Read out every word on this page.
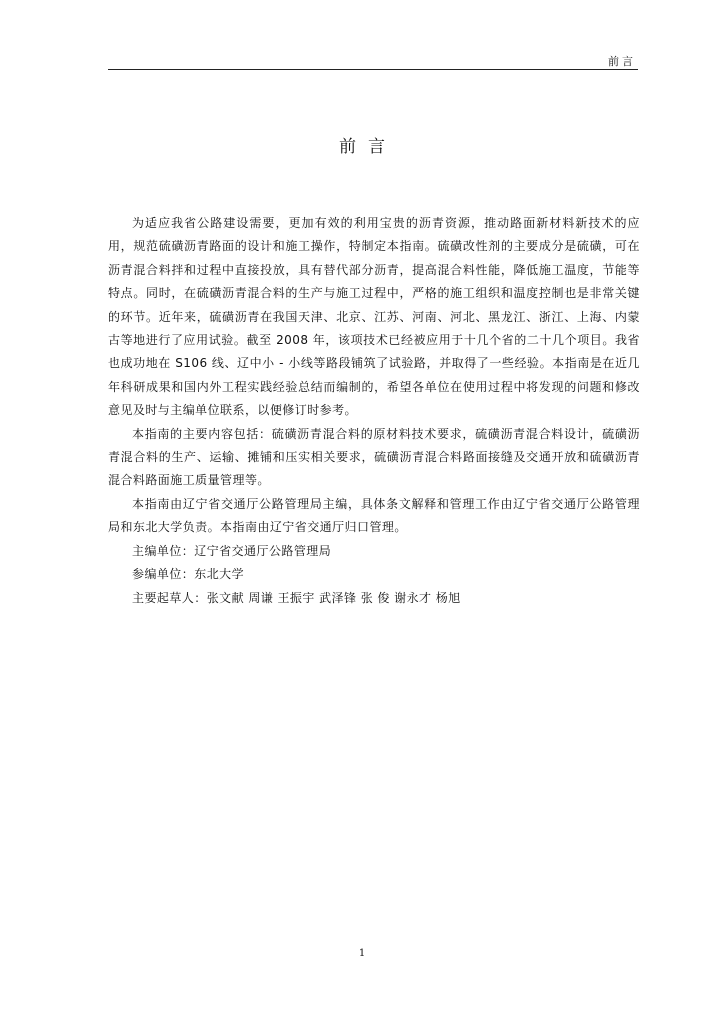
前言
前言

为适应我省公路建设需要，更加有效的利用宝贵的沥青资源，推动路面新材料新技术的应用，规范硫磺沥青路面的设计和施工操作，特制定本指南。硫磺改性剂的主要成分是硫磺，可在沥青混合料拌和过程中直接投放，具有替代部分沥青，提高混合料性能，降低施工温度，节能等特点。同时，在硫磺沥青混合料的生产与施工过程中，严格的施工组织和温度控制也是非常关键的环节。近年来，硫磺沥青在我国天津、北京、江苏、河南、河北、黑龙江、浙江、上海、内蒙古等地进行了应用试验。截至 2008 年，该项技术已经被应用于十几个省的二十几个项目。我省也成功地在 S106 线、辽中小 - 小线等路段铺筑了试验路，并取得了一些经验。本指南是在近几年科研成果和国内外工程实践经验总结而编制的，希望各单位在使用过程中将发现的问题和修改意见及时与主编单位联系，以便修订时参考。

本指南的主要内容包括：硫磺沥青混合料的原材料技术要求，硫磺沥青混合料设计，硫磺沥青混合料的生产、运输、摊铺和压实相关要求，硫磺沥青混合料路面接缝及交通开放和硫磺沥青混合料路面施工质量管理等。

本指南由辽宁省交通厅公路管理局主编，具体条文解释和管理工作由辽宁省交通厅公路管理局和东北大学负责。本指南由辽宁省交通厅归口管理。

主编单位：辽宁省交通厅公路管理局

参编单位：东北大学

主要起草人：张文献 周谦 王振宇 武泽锋 张 俊 谢永才 杨旭

1
